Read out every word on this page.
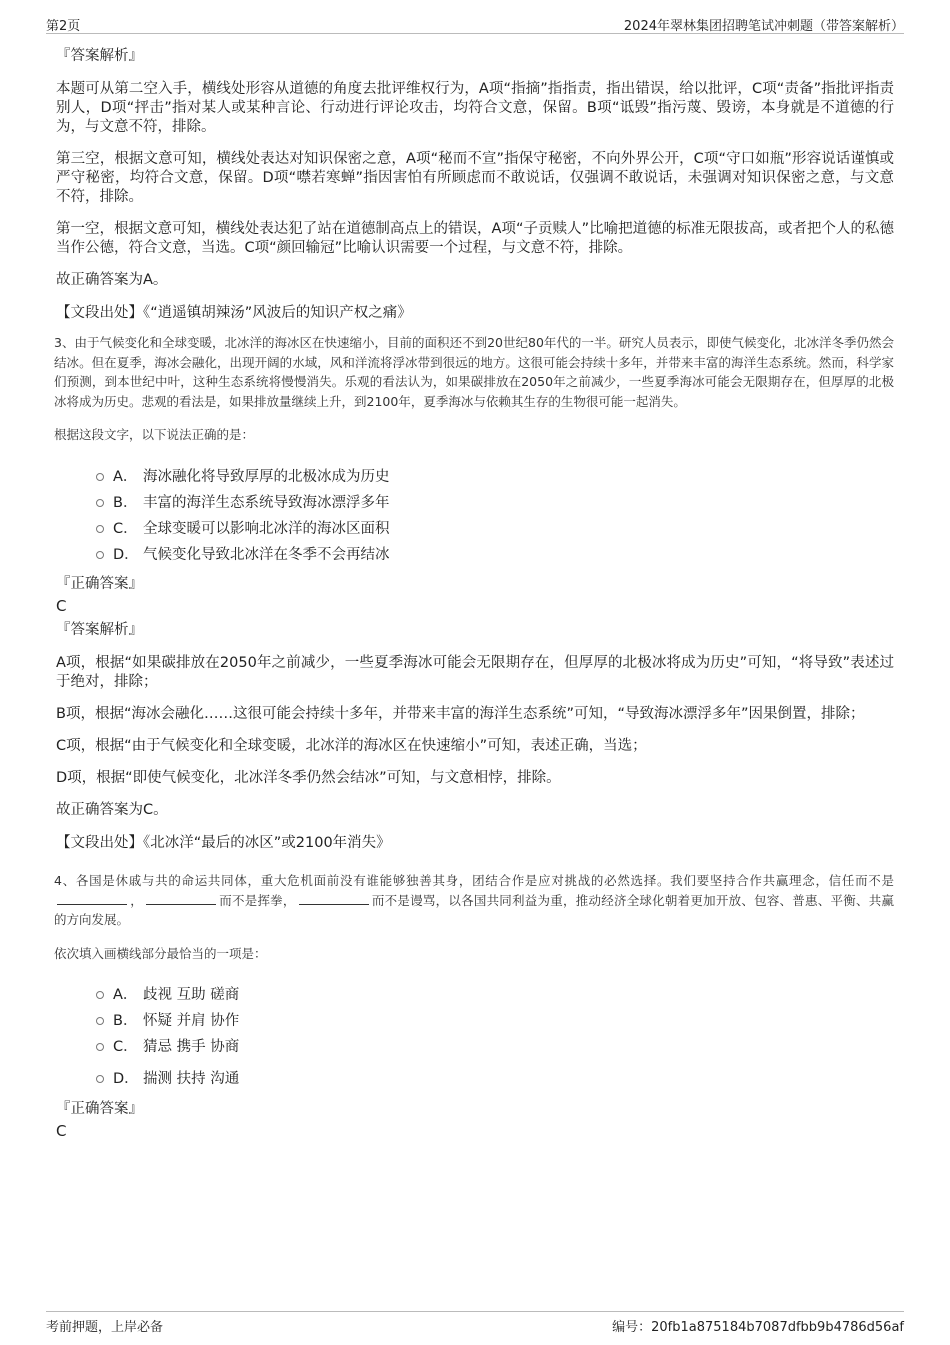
第2页	2024年翠林集团招聘笔试冲刺题（带答案解析）
『答案解析』

本题可从第二空入手，横线处形容从道德的角度去批评维权行为，A项“指摘”指指责，指出错误，给以批评，C项“责备”指批评指责别人，D项“抨击”指对某人或某种言论、行动进行评论攻击，均符合文意，保留。B项“诋毁”指污蔑、毁谤，本身就是不道德的行为，与文意不符，排除。

第三空，根据文意可知，横线处表达对知识保密之意，A项“秘而不宣”指保守秘密，不向外界公开，C项“守口如瓶”形容说话谨慎或严守秘密，均符合文意，保留。D项“噤若寒蝉”指因害怕有所顾虑而不敢说话，仅强调不敢说话，未强调对知识保密之意，与文意不符，排除。

第一空，根据文意可知，横线处表达犯了站在道德制高点上的错误，A项“子贡赎人”比喻把道德的标准无限拔高，或者把个人的私德当作公德，符合文意，当选。C项“颜回输冠”比喻认识需要一个过程，与文意不符，排除。

故正确答案为A。

【文段出处】《“逍遥镇胡辣汤”风波后的知识产权之痛》

3、由于气候变化和全球变暖，北冰洋的海冰区在快速缩小，目前的面积还不到20世纪80年代的一半。研究人员表示，即使气候变化，北冰洋冬季仍然会结冰。但在夏季，海冰会融化，出现开阔的水域，风和洋流将浮冰带到很远的地方。这很可能会持续十多年，并带来丰富的海洋生态系统。然而，科学家们预测，到本世纪中叶，这种生态系统将慢慢消失。乐观的看法认为，如果碳排放在2050年之前减少，一些夏季海冰可能会无限期存在，但厚厚的北极冰将成为历史。悲观的看法是，如果排放量继续上升，到2100年，夏季海冰与依赖其生存的生物很可能一起消失。

根据这段文字，以下说法正确的是：
A． 海冰融化将导致厚厚的北极冰成为历史
B． 丰富的海洋生态系统导致海冰漂浮多年
C． 全球变暖可以影响北冰洋的海冰区面积
D． 气候变化导致北冰洋在冬季不会再结冰
『正确答案』
C
『答案解析』

A项，根据“如果碳排放在2050年之前减少，一些夏季海冰可能会无限期存在，但厚厚的北极冰将成为历史”可知，“将导致”表述过于绝对，排除；

B项，根据“海冰会融化……这很可能会持续十多年，并带来丰富的海洋生态系统”可知，“导致海冰漂浮多年”因果倒置，排除；

C项，根据“由于气候变化和全球变暖，北冰洋的海冰区在快速缩小”可知，表述正确，当选；

D项，根据“即使气候变化，北冰洋冬季仍然会结冰”可知，与文意相悖，排除。

故正确答案为C。

【文段出处】《北冰洋“最后的冰区”或2100年消失》

4、各国是休戚与共的命运共同体，重大危机面前没有谁能够独善其身，团结合作是应对挑战的必然选择。我们要坚持合作共赢理念，信任而不是，	而不是挥拳，	而不是谩骂，以各国共同利益为重，推动经济全球化朝着更加开放、包容、普惠、平衡、共赢的方向发展。

依次填入画横线部分最恰当的一项是：
A． 歧视 互助 磋商
B． 怀疑 并肩 协作
C． 猜忌 携手 协商
D． 揣测 扶持 沟通
『正确答案』
C
考前押题，上岸必备	编号：20fb1a875184b7087dfbb9b4786d56af
